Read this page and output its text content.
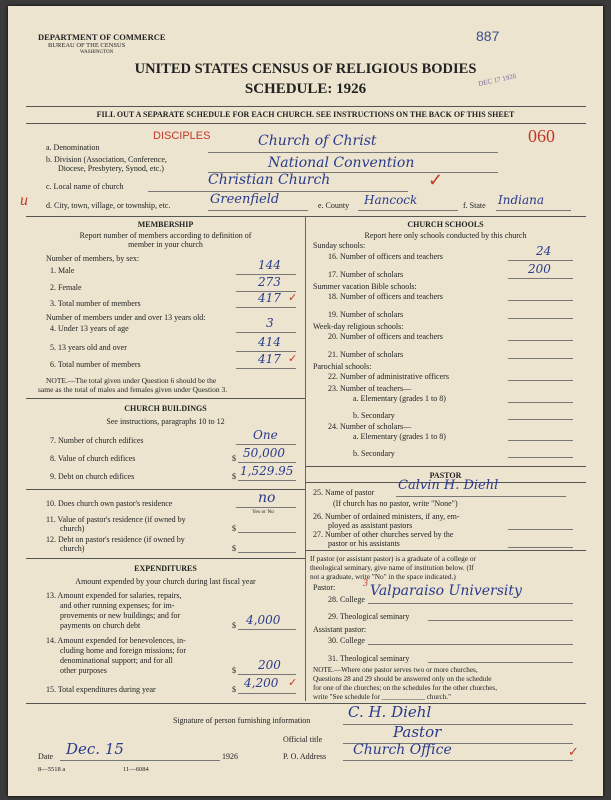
DEPARTMENT OF COMMERCE
BUREAU OF THE CENSUS
WASHINGTON
887
DEC 17 1926
UNITED STATES CENSUS OF RELIGIOUS BODIES
SCHEDULE: 1926
FILL OUT A SEPARATE SCHEDULE FOR EACH CHURCH. SEE INSTRUCTIONS ON THE BACK OF THIS SHEET
060
a. Denomination
DISCIPLES	Church of Christ
b. Division (Association, Conference,
Diocese, Presbytery, Synod, etc.)	National Convention
c. Local name of church	Christian Church	✓
u d. City, town, village, or township, etc.	Greenfield	e. County Hancock	f. State Indiana
MEMBERSHIP
Report number of members according to definition of
member in your church
Number of members, by sex:
1. Male	144
2. Female	273
3. Total number of members	417
Number of members under and over 13 years old:
4. Under 13 years of age	3
5. 13 years old and over	414
6. Total number of members	417
NOTE.—The total given under Question 6 should be the
same as the total of males and females given under Question 3.
CHURCH BUILDINGS
See instructions, paragraphs 10 to 12
7. Number of church edifices	One
8. Value of church edifices	$ 50,000
9. Debt on church edifices	$ 1,529.95
10. Does church own pastor's residence	no
Yes or No
11. Value of pastor's residence (if owned by
church)	$
12. Debt on pastor's residence (if owned by
church)	$
EXPENDITURES
Amount expended by your church during last fiscal year
13. Amount expended for salaries, repairs,
and other running expenses; for im-
provements or new buildings; and for
payments on church debt	$ 4,000
14. Amount expended for benevolences, in-
cluding home and foreign missions; for
denominational support; and for all
other purposes	$ 200
15. Total expenditures during year	$ 4,200
CHURCH SCHOOLS
Report here only schools conducted by this church
Sunday schools:
16. Number of officers and teachers	24
17. Number of scholars	200
Summer vacation Bible schools:
18. Number of officers and teachers
19. Number of scholars
Week-day religious schools:
20. Number of officers and teachers
21. Number of scholars
Parochial schools:
22. Number of administrative officers
23. Number of teachers—
a. Elementary (grades 1 to 8)
b. Secondary
24. Number of scholars—
a. Elementary (grades 1 to 8)
b. Secondary
PASTOR
25. Name of pastor Calvin H. Diehl
(If church has no pastor, write "None")
26. Number of ordained ministers, if any, em-
ployed as assistant pastors
27. Number of other churches served by the
pastor or his assistants
If pastor (or assistant pastor) is a graduate of a college or
theological seminary, give name of institution below. (If
not a graduate, write "No" in the space indicated.)
Pastor:	3
28. College
Valparaiso University
29. Theological seminary
Assistant pastor:
30. College
31. Theological seminary
NOTE.—Where one pastor serves two or more churches,
Questions 28 and 29 should be answered only on the schedule
for one of the churches; on the schedules for the other churches,
write "See schedule for ____________ church."
Signature of person furnishing information	C. H. Diehl
Official title	Pastor
Date Dec. 15	1926	P. O. Address Church Office	✓
8—5518 a	11—6084
✓
✓
✓
